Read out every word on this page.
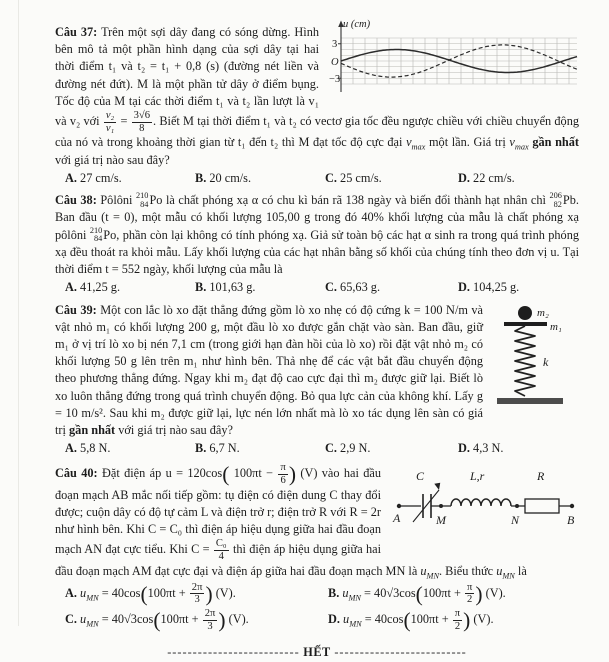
u (cm)
3
O
−3

Câu 37: Trên một sợi dây đang có sóng dừng. Hình bên mô tả một phần hình dạng của sợi dây tại hai thời điểm t₁ và t₂ = t₁ + 0,8 (s) (đường nét liền và đường nét đứt). M là một phần tử dây ở điểm bụng. Tốc độ của M tại các thời điểm t₁ và t₂ lần lượt là v₁ và v₂ với $\frac{\text{v₂}}{\text{v₁}} = \frac{3√6}{8}$ . Biết M tại thời điểm t₁ và t₂ có vectơ gia tốc đều ngược chiều với chiều chuyển động của nó và trong khoảng thời gian từ t₁ đến t₂ thì M đạt tốc độ cực đại $v_{max}$ một lần. Giá trị $v_{max}$ gần nhất với giá trị nào sau đây?

A. 27 cm/s.	B. 20 cm/s.	C. 25 cm/s.	D. 22 cm/s.

Câu 38: Pôlôni 210
84 Po là chất phóng xạ α có chu kì bán rã 138 ngày và biến đổi thành hạt nhân chì 206
82 Pb. Ban đầu (t = 0), một mẫu có khối lượng 105,00 g trong đó 40% khối lượng của mẫu là chất phóng xạ pôlôni 210
84 Po, phần còn lại không có tính phóng xạ. Giả sử toàn bộ các hạt α sinh ra trong quá trình phóng xạ đều thoát ra khỏi mẫu. Lấy khối lượng của các hạt nhân bằng số khối của chúng tính theo đơn vị u. Tại thời điểm t = 552 ngày, khối lượng của mẫu là

A. 41,25 g.	B. 101,63 g.	C. 65,63 g.	D. 104,25 g.
m₂
m₁
k

Câu 39: Một con lắc lò xo đặt thẳng đứng gồm lò xo nhẹ có độ cứng k = 100 N/m và vật nhỏ m₁ có khối lượng 200 g, một đầu lò xo được gắn chặt vào sàn. Ban đầu, giữ m₁ ở vị trí lò xo bị nén 7,1 cm (trong giới hạn đàn hồi của lò xo) rồi đặt vật nhỏ m₂ có khối lượng 50 g lên trên m₁ như hình bên. Thả nhẹ để các vật bắt đầu chuyển động theo phương thẳng đứng. Ngay khi m₂ đạt độ cao cực đại thì m₂ được giữ lại. Biết lò xo luôn thẳng đứng trong quá trình chuyển động. Bỏ qua lực cản của không khí. Lấy g = 10 m/s². Sau khi m₂ được giữ lại, lực nén lớn nhất mà lò xo tác dụng lên sàn có giá trị gần nhất với giá trị nào sau đây?

A. 5,8 N.	B. 6,7 N.	C. 2,9 N.	D. 4,3 N.
C	L,r	R
A	M	N	B

Câu 40: Đặt điện áp u = 120cos( $100\pi t - \frac{\pi}{6}$ ) (V) vào hai đầu đoạn mạch AB mắc nối tiếp gồm: tụ điện có điện dung C thay đổi được; cuộn dây có độ tự cảm L và điện trở r; điện trở R với R = 2r như hình bên. Khi C = C₀ thì điện áp hiệu dụng giữa hai đầu đoạn mạch AN đạt cực tiểu. Khi $C = \frac{\text{C₀}}{4}$ thì điện áp hiệu dụng giữa hai đầu đoạn mạch AM đạt cực đại và điện áp giữa hai đầu đoạn mạch MN là $u_{MN}$. Biểu thức $u_{MN}$ là

A. $u_{MN} = 40\cos(100\pi t + \frac{2\pi}{3}$ ) (V).	B. $u_{MN} = 40√3\cos(100\pi t + \frac{\pi}{2}$ ) (V).
C. $u_{MN} = 40√3\cos(100\pi t + \frac{2\pi}{3}$ ) (V).	D. $u_{MN} = 40\cos(100\pi t + \frac{\pi}{2}$ ) (V).
-------------------------- HẾT --------------------------
